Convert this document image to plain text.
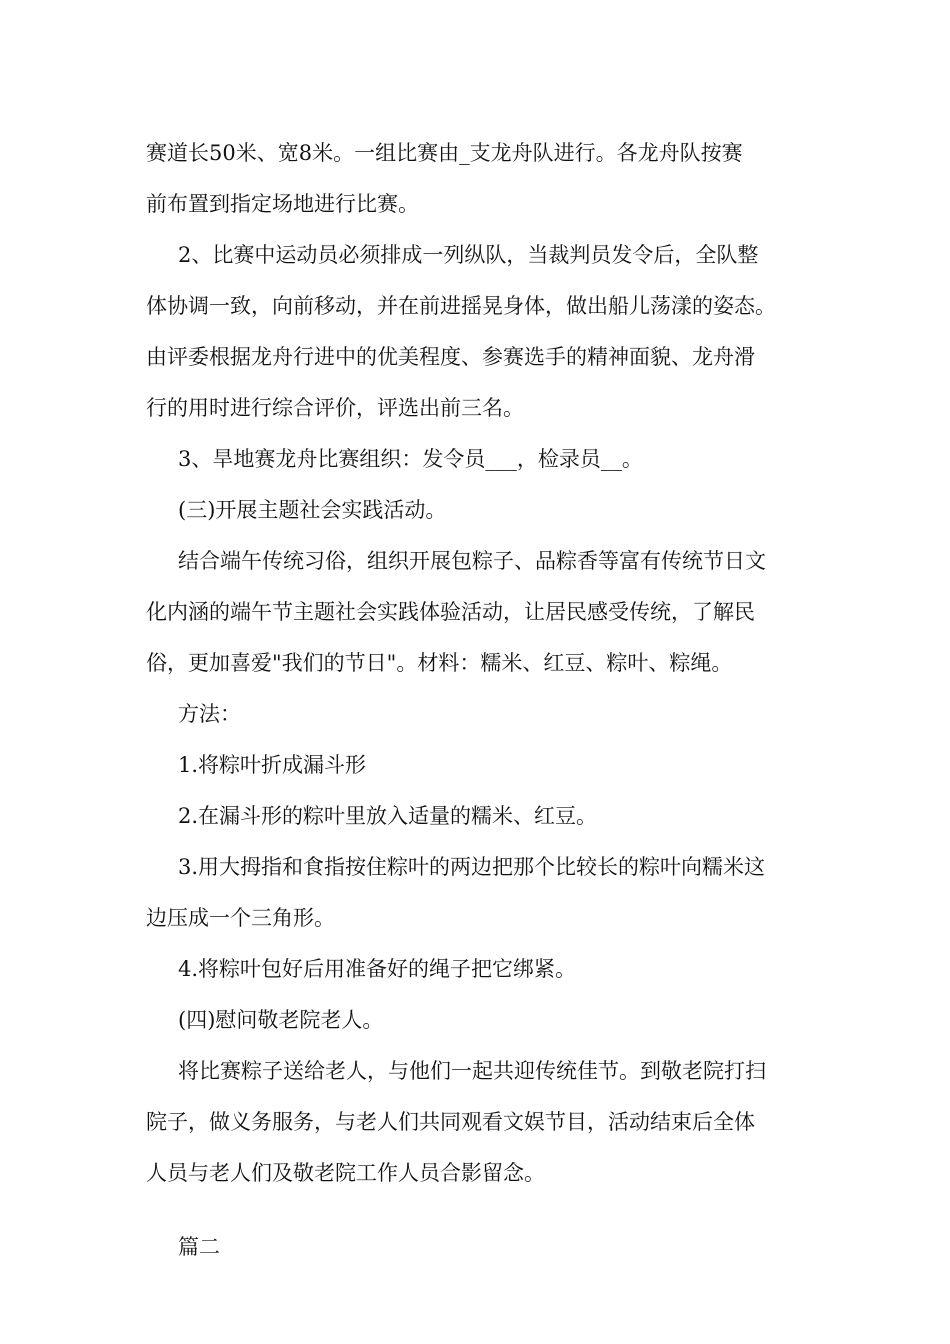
赛道长50米、宽8米。一组比赛由_支龙舟队进行。各龙舟队按赛

前布置到指定场地进行比赛。

2、比赛中运动员必须排成一列纵队，当裁判员发令后，全队整

体协调一致，向前移动，并在前进摇晃身体，做出船儿荡漾的姿态。

由评委根据龙舟行进中的优美程度、参赛选手的精神面貌、龙舟滑

行的用时进行综合评价，评选出前三名。

3、旱地赛龙舟比赛组织：发令员___，检录员__。

(三)开展主题社会实践活动。

结合端午传统习俗，组织开展包粽子、品粽香等富有传统节日文

化内涵的端午节主题社会实践体验活动，让居民感受传统，了解民

俗，更加喜爱"我们的节日"。材料：糯米、红豆、粽叶、粽绳。

方法：

1.将粽叶折成漏斗形

2.在漏斗形的粽叶里放入适量的糯米、红豆。

3.用大拇指和食指按住粽叶的两边把那个比较长的粽叶向糯米这

边压成一个三角形。

4.将粽叶包好后用准备好的绳子把它绑紧。

(四)慰问敬老院老人。

将比赛粽子送给老人，与他们一起共迎传统佳节。到敬老院打扫

院子，做义务服务，与老人们共同观看文娱节目，活动结束后全体

人员与老人们及敬老院工作人员合影留念。

篇二
